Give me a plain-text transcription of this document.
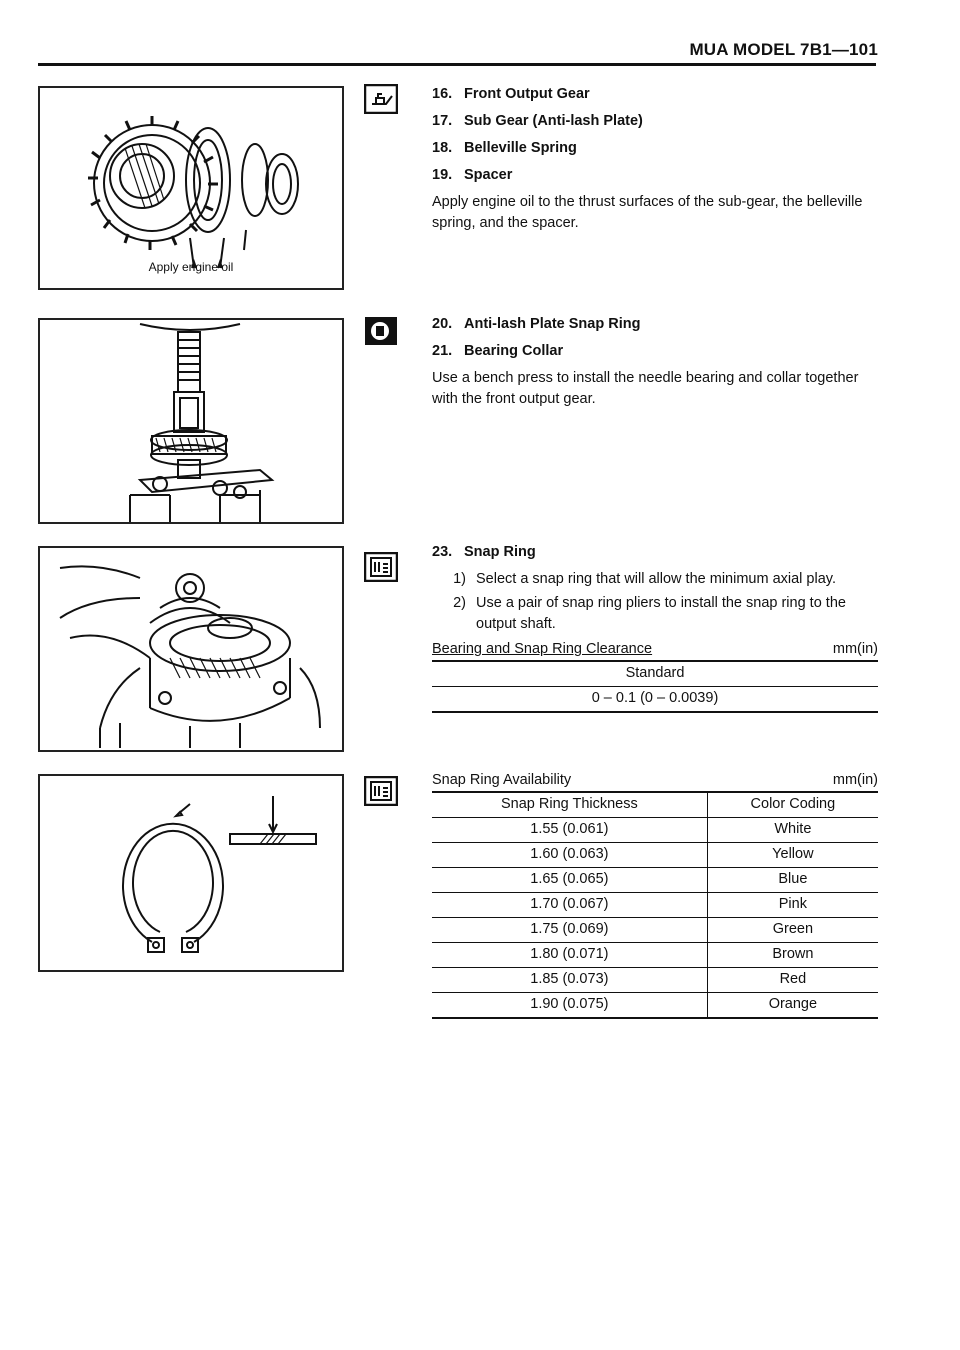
MUA MODEL 7B1—101
Apply engine oil
16. Front Output Gear
17. Sub Gear (Anti-lash Plate)
18. Belleville Spring
19. Spacer

Apply engine oil to the thrust surfaces of the sub-gear, the belleville spring, and the spacer.

20. Anti-lash Plate Snap Ring
21. Bearing Collar

Use a bench press to install the needle bearing and collar together with the front output gear.

23. Snap Ring
1) Select a snap ring that will allow the minimum axial play.
2) Use a pair of snap ring pliers to install the snap ring to the output shaft.
Bearing and Snap Ring Clearance	mm(in)
Standard
0 – 0.1 (0 – 0.0039)
Snap Ring Availability	mm(in)
Snap Ring Thickness	Color Coding
1.55 (0.061)	White
1.60 (0.063)	Yellow
1.65 (0.065)	Blue
1.70 (0.067)	Pink
1.75 (0.069)	Green
1.80 (0.071)	Brown
1.85 (0.073)	Red
1.90 (0.075)	Orange
